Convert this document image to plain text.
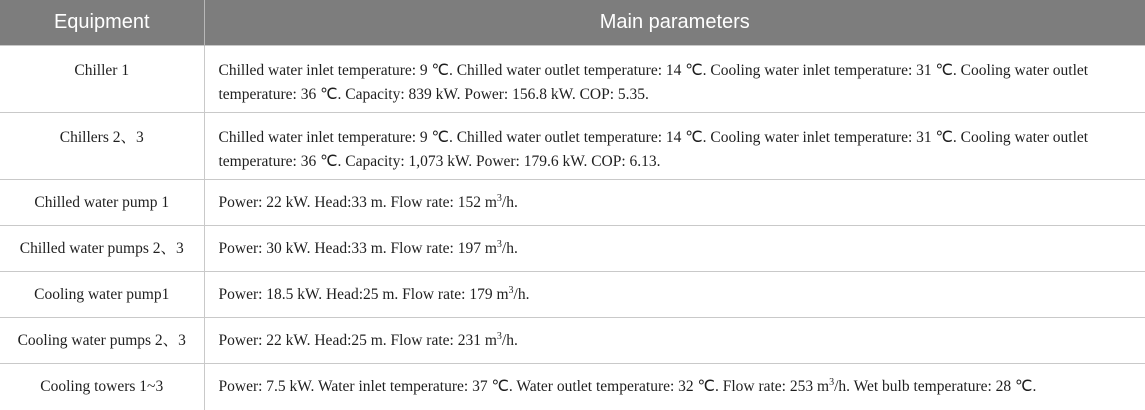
Equipment	Main parameters
Chiller 1	Chilled water inlet temperature: 9 ℃. Chilled water outlet temperature: 14 ℃. Cooling water inlet temperature: 31 ℃. Cooling water outlet temperature: 36 ℃. Capacity: 839 kW. Power: 156.8 kW. COP: 5.35.
Chillers 2、3	Chilled water inlet temperature: 9 ℃. Chilled water outlet temperature: 14 ℃. Cooling water inlet temperature: 31 ℃. Cooling water outlet temperature: 36 ℃. Capacity: 1,073 kW. Power: 179.6 kW. COP: 6.13.
Chilled water pump 1	Power: 22 kW. Head:33 m. Flow rate: 152 $m^3/h$.
Chilled water pumps 2、3	Power: 30 kW. Head:33 m. Flow rate: 197 $m^3/h$.
Cooling water pump1	Power: 18.5 kW. Head:25 m. Flow rate: 179 $m^3/h$.
Cooling water pumps 2、3	Power: 22 kW. Head:25 m. Flow rate: 231 $m^3/h$.
Cooling towers 1~3	Power: 7.5 kW. Water inlet temperature: 37 ℃. Water outlet temperature: 32 ℃. Flow rate: 253 $m^3/h$. Wet bulb temperature: 28 ℃.
